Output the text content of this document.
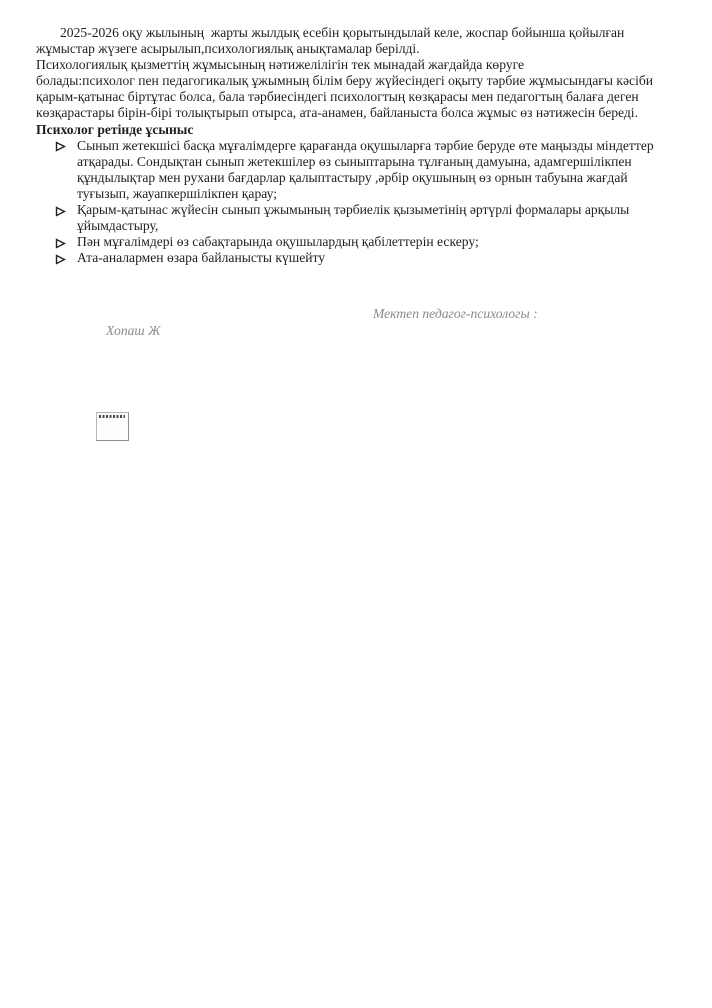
2025-2026 оқу жылының  жарты жылдық есебін қорытындылай келе, жоспар бойынша қойылған жұмыстар жүзеге асырылып,психологиялық анықтамалар берілді.

Психологиялық қызметтің жұмысының нәтижелілігін тек мынадай жағдайда көруге

болады:психолог пен педагогикалық ұжымның білім беру жүйесіндегі оқыту тәрбие жұмысындағы кәсіби қарым-қатынас біртұтас болса, бала тәрбиесіндегі психологтың көзқарасы мен педагогтың балаға деген көзқарастары бірін-бірі толықтырып отырса, ата-анамен, байланыста болса жұмыс өз нәтижесін береді.

Психолог ретінде ұсыныс

Сынып жетекшісі басқа мұғалімдерге қарағанда оқушыларға тәрбие беруде өте маңызды міндеттер атқарады. Сондықтан сынып жетекшілер өз сыныптарына тұлғаның дамуына, адамгершілікпен құндылықтар мен рухани бағдарлар қалыптастыру ,әрбір оқушының өз орнын табуына жағдай туғызып, жауапкершілікпен қарау;
Қарым-қатынас жүйесін сынып ұжымының тәрбиелік қызыметінің әртүрлі формалары арқылы ұйымдастыру,
Пән мұғалімдері өз сабақтарында оқушылардың қабілеттерін ескеру;
Ата-аналармен өзара байланысты күшейту
Мектеп педагог-психологы : Хопаш Ж
